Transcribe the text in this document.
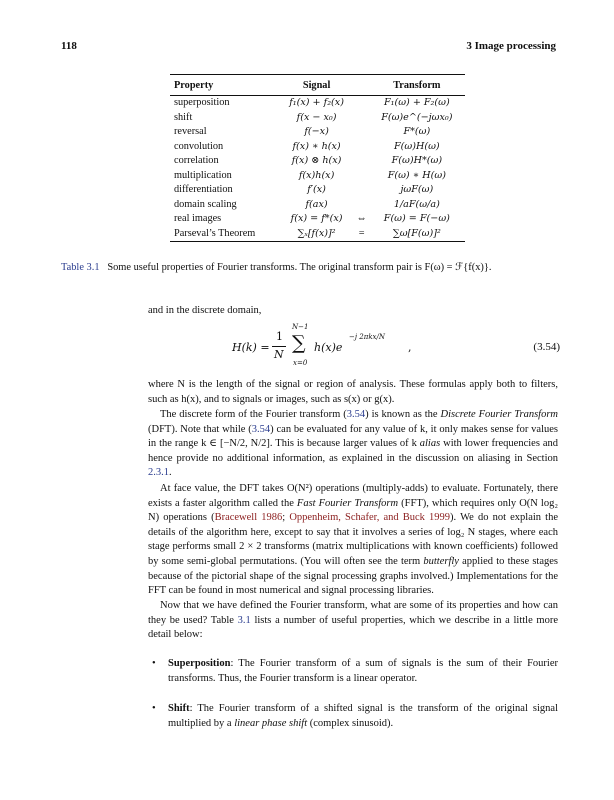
118	3 Image processing
Property	Signal		Transform
superposition	f₁(x) + f₂(x)		F₁(ω) + F₂(ω)
shift	f(x − x₀)		F(ω)e^(−jωx₀)
reversal	f(−x)		F*(ω)
convolution	f(x) ∗ h(x)		F(ω)H(ω)
correlation	f(x) ⊗ h(x)		F(ω)H*(ω)
multiplication	f(x)h(x)		F(ω) ∗ H(ω)
differentiation	f′(x)		jωF(ω)
domain scaling	f(ax)		1/aF(ω/a)
real images	f(x) = f*(x)	⇔	F(ω) = F(−ω)
Parseval’s Theorem	∑ₓ[f(x)]²	=	∑ω[F(ω)]²
Table 3.1 Some useful properties of Fourier transforms. The original transform pair is F(ω) = ℱ{f(x)}.
and in the discrete domain,
H(k) =
1
N
N−1
∑
x=0
h(x)e
−j 2πkx/N
,	(3.54)
where N is the length of the signal or region of analysis. These formulas apply both to filters, such as h(x), and to signals or images, such as s(x) or g(x).
The discrete form of the Fourier transform (3.54) is known as the Discrete Fourier Transform (DFT). Note that while (3.54) can be evaluated for any value of k, it only makes sense for values in the range k ∈ [−N/2, N/2]. This is because larger values of k alias with lower frequencies and hence provide no additional information, as explained in the discussion on aliasing in Section 2.3.1.
At face value, the DFT takes O(N²) operations (multiply-adds) to evaluate. Fortunately, there exists a faster algorithm called the Fast Fourier Transform (FFT), which requires only O(N log₂ N) operations (Bracewell 1986; Oppenheim, Schafer, and Buck 1999). We do not explain the details of the algorithm here, except to say that it involves a series of log₂ N stages, where each stage performs small 2 × 2 transforms (matrix multiplications with known coefficients) followed by some semi-global permutations. (You will often see the term butterfly applied to these stages because of the pictorial shape of the signal processing graphs involved.) Implementations for the FFT can be found in most numerical and signal processing libraries.
Now that we have defined the Fourier transform, what are some of its properties and how can they be used? Table 3.1 lists a number of useful properties, which we describe in a little more detail below:
• Superposition: The Fourier transform of a sum of signals is the sum of their Fourier transforms. Thus, the Fourier transform is a linear operator.
• Shift: The Fourier transform of a shifted signal is the transform of the original signal multiplied by a linear phase shift (complex sinusoid).
